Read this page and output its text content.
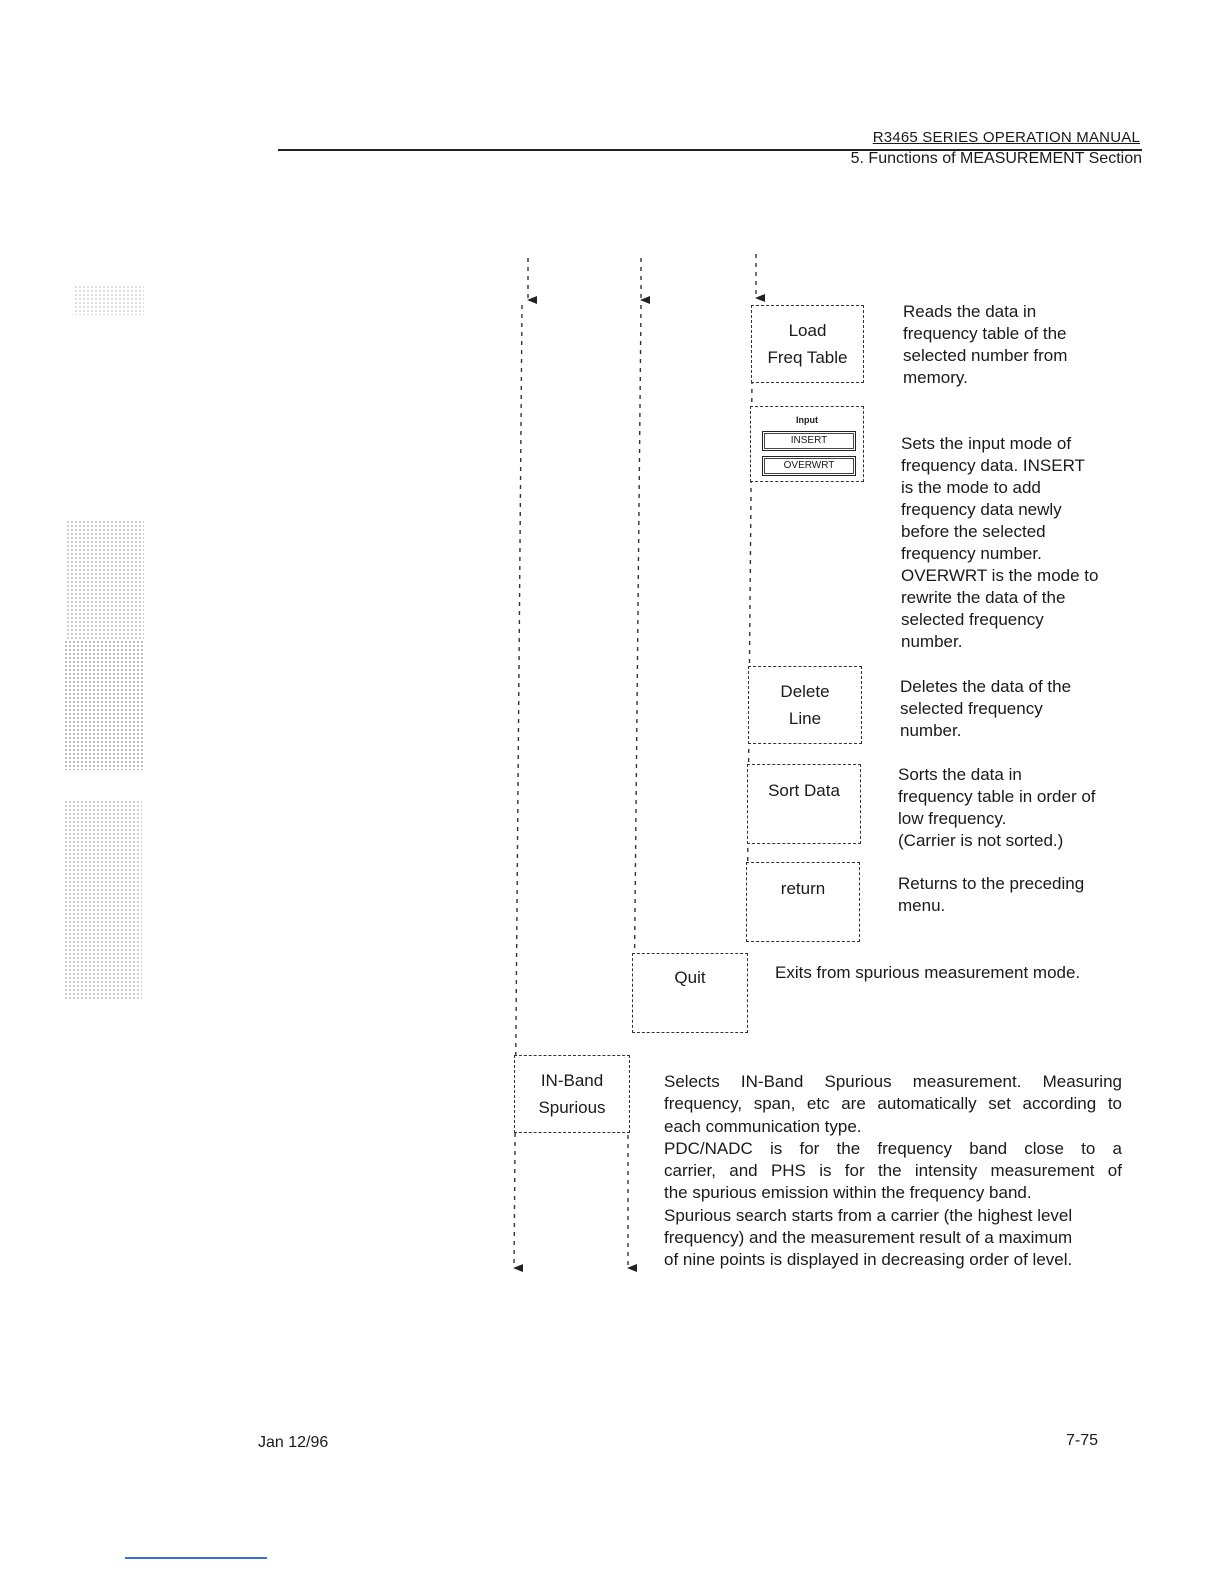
R3465 SERIES OPERATION MANUAL
5. Functions of MEASUREMENT Section
Load
Freq Table
Input
INSERT
OVERWRT
Delete
Line
Sort Data
return
Quit
IN-Band
Spurious
Reads the data in
frequency table of the
selected number from
memory.
Sets the input mode of
frequency data. INSERT
is the mode to add
frequency data newly
before the selected
frequency number.
OVERWRT is the mode to
rewrite the data of the
selected frequency
number.
Deletes the data of the
selected frequency
number.
Sorts the data in
frequency table in order of
low frequency.
(Carrier is not sorted.)
Returns to the preceding
menu.
Exits from spurious measurement mode.
Selects IN-Band Spurious measurement. Measuring
frequency, span, etc are automatically set according to
each communication type.
PDC/NADC is for the frequency band close to a
carrier, and PHS is for the intensity measurement of
the spurious emission within the frequency band.
Spurious search starts from a carrier (the highest level
frequency) and the measurement result of a maximum
of nine points is displayed in decreasing order of level.
Jan 12/96	7-75
